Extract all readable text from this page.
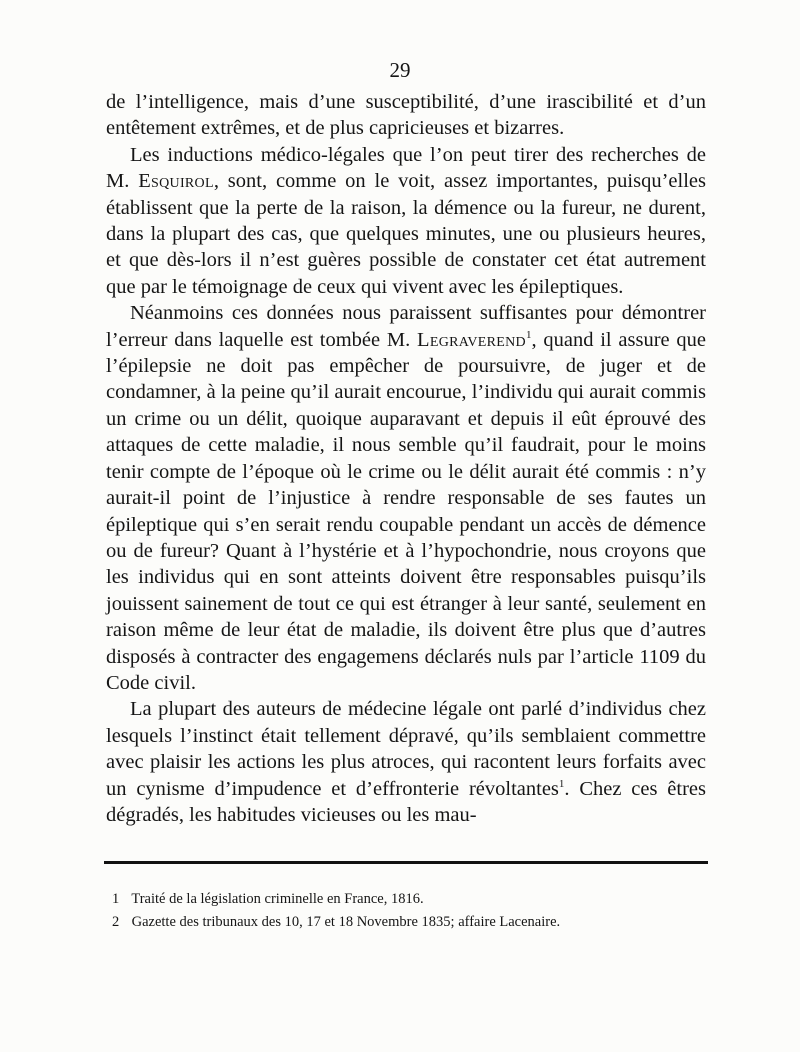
29

de l’intelligence, mais d’une susceptibilité, d’une irascibilité et d’un entêtement extrêmes, et de plus capricieuses et bizarres.

Les inductions médico-légales que l’on peut tirer des recherches de M. Esquirol, sont, comme on le voit, assez importantes, puisqu’elles établissent que la perte de la raison, la démence ou la fureur, ne durent, dans la plupart des cas, que quelques minutes, une ou plusieurs heures, et que dès-lors il n’est guères possible de constater cet état autrement que par le témoignage de ceux qui vivent avec les épileptiques.

Néanmoins ces données nous paraissent suffisantes pour démontrer l’erreur dans laquelle est tombée M. Legraverend$^1$, quand il assure que l’épilepsie ne doit pas empêcher de poursuivre, de juger et de condamner, à la peine qu’il aurait encourue, l’individu qui aurait commis un crime ou un délit, quoique auparavant et depuis il eût éprouvé des attaques de cette maladie, il nous semble qu’il faudrait, pour le moins tenir compte de l’époque où le crime ou le délit aurait été commis : n’y aurait-il point de l’injustice à rendre responsable de ses fautes un épileptique qui s’en serait rendu coupable pendant un accès de démence ou de fureur? Quant à l’hystérie et à l’hypochondrie, nous croyons que les individus qui en sont atteints doivent être responsables puisqu’ils jouissent sainement de tout ce qui est étranger à leur santé, seulement en raison même de leur état de maladie, ils doivent être plus que d’autres disposés à contracter des engagemens déclarés nuls par l’article 1109 du Code civil.

La plupart des auteurs de médecine légale ont parlé d’individus chez lesquels l’instinct était tellement dépravé, qu’ils semblaient commettre avec plaisir les actions les plus atroces, qui racontent leurs forfaits avec un cynisme d’impudence et d’effronterie révoltantes$^1$. Chez ces êtres dégradés, les habitudes vicieuses ou les mau-

1 Traité de la législation criminelle en France, 1816.
2 Gazette des tribunaux des 10, 17 et 18 Novembre 1835; affaire Lacenaire.
